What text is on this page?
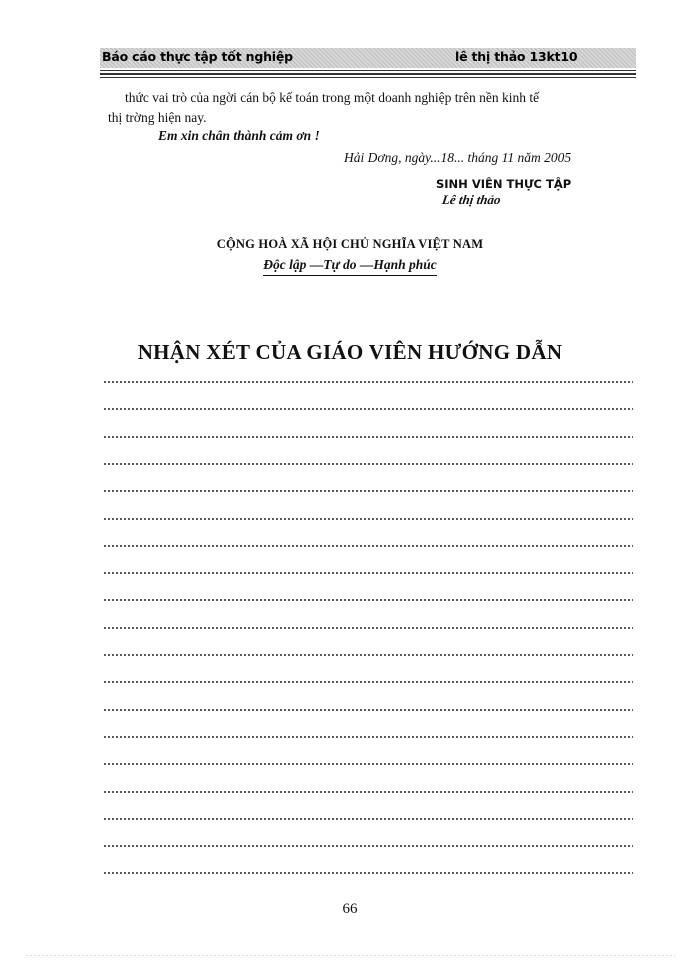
Báo cáo thực tập tốt nghiệp	lê thị thảo 13kt10
thức vai trò của ngời cán bộ kế toán trong một doanh nghiệp trên nền kinh tế
thị trờng hiện nay.
Em xin chân thành cảm ơn !
Hải Dơng, ngày...18... tháng 11 năm 2005
SINH VIÊN THỰC TẬP
Lê thị thảo
CỘNG HOÀ XÃ HỘI CHỦ NGHĨA VIỆT NAM
Độc lập —Tự do —Hạnh phúc
NHẬN XÉT CỦA GIÁO VIÊN HƯỚNG DẪN
66
